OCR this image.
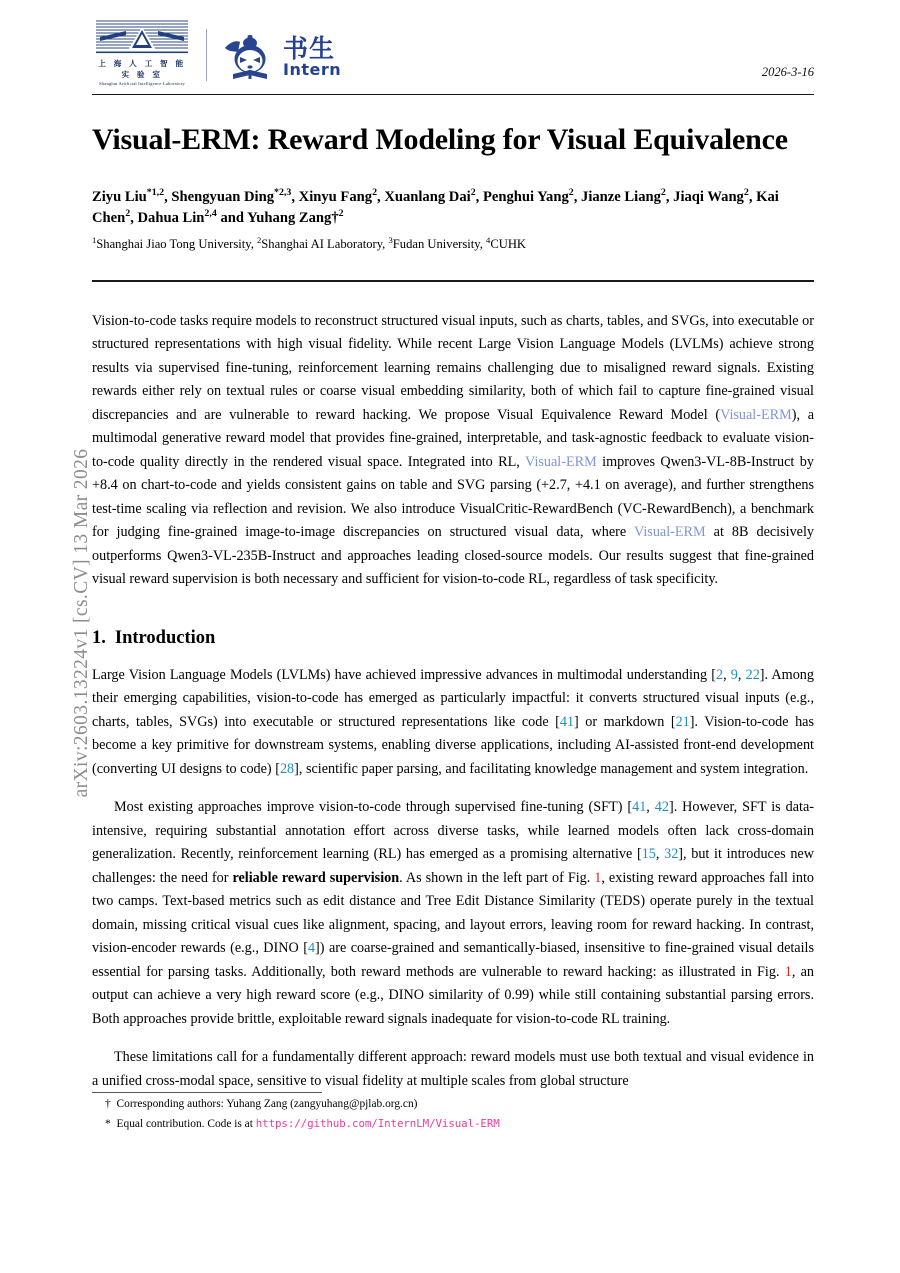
arXiv:2603.13224v1 [cs.CV] 13 Mar 2026
上 海 人 工 智 能 实 验 室
Shanghai Artificial Intelligence Laboratory
书生
Intern	2026-3-16
Visual-ERM: Reward Modeling for Visual Equivalence
Ziyu Liu$^{*1,2}$, Shengyuan Ding$^{*2,3}$, Xinyu Fang$^2$, Xuanlang Dai$^2$, Penghui Yang$^2$, Jianze Liang$^2$, Jiaqi Wang$^2$, Kai Chen$^2$, Dahua Lin$^{2,4}$ and Yuhang Zang†$^2$
$^1$Shanghai Jiao Tong University, $^2$Shanghai AI Laboratory, $^3$Fudan University, $^4$CUHK
Vision-to-code tasks require models to reconstruct structured visual inputs, such as charts, tables, and SVGs, into executable or structured representations with high visual fidelity. While recent Large Vision Language Models (LVLMs) achieve strong results via supervised fine-tuning, reinforcement learning remains challenging due to misaligned reward signals. Existing rewards either rely on textual rules or coarse visual embedding similarity, both of which fail to capture fine-grained visual discrepancies and are vulnerable to reward hacking. We propose Visual Equivalence Reward Model (Visual-ERM), a multimodal generative reward model that provides fine-grained, interpretable, and task-agnostic feedback to evaluate vision-to-code quality directly in the rendered visual space. Integrated into RL, Visual-ERM improves Qwen3-VL-8B-Instruct by +8.4 on chart-to-code and yields consistent gains on table and SVG parsing (+2.7, +4.1 on average), and further strengthens test-time scaling via reflection and revision. We also introduce VisualCritic-RewardBench (VC-RewardBench), a benchmark for judging fine-grained image-to-image discrepancies on structured visual data, where Visual-ERM at 8B decisively outperforms Qwen3-VL-235B-Instruct and approaches leading closed-source models. Our results suggest that fine-grained visual reward supervision is both necessary and sufficient for vision-to-code RL, regardless of task specificity.
1. Introduction

Large Vision Language Models (LVLMs) have achieved impressive advances in multimodal understanding [2, 9, 22]. Among their emerging capabilities, vision-to-code has emerged as particularly impactful: it converts structured visual inputs (e.g., charts, tables, SVGs) into executable or structured representations like code [41] or markdown [21]. Vision-to-code has become a key primitive for downstream systems, enabling diverse applications, including AI-assisted front-end development (converting UI designs to code) [28], scientific paper parsing, and facilitating knowledge management and system integration.

Most existing approaches improve vision-to-code through supervised fine-tuning (SFT) [41, 42]. However, SFT is data-intensive, requiring substantial annotation effort across diverse tasks, while learned models often lack cross-domain generalization. Recently, reinforcement learning (RL) has emerged as a promising alternative [15, 32], but it introduces new challenges: the need for reliable reward supervision. As shown in the left part of Fig. 1, existing reward approaches fall into two camps. Text-based metrics such as edit distance and Tree Edit Distance Similarity (TEDS) operate purely in the textual domain, missing critical visual cues like alignment, spacing, and layout errors, leaving room for reward hacking. In contrast, vision-encoder rewards (e.g., DINO [4]) are coarse-grained and semantically-biased, insensitive to fine-grained visual details essential for parsing tasks. Additionally, both reward methods are vulnerable to reward hacking: as illustrated in Fig. 1, an output can achieve a very high reward score (e.g., DINO similarity of 0.99) while still containing substantial parsing errors. Both approaches provide brittle, exploitable reward signals inadequate for vision-to-code RL training.

These limitations call for a fundamentally different approach: reward models must use both textual and visual evidence in a unified cross-modal space, sensitive to visual fidelity at multiple scales from global structure

† Corresponding authors: Yuhang Zang (zangyuhang@pjlab.org.cn)
* Equal contribution. Code is at https://github.com/InternLM/Visual-ERM
